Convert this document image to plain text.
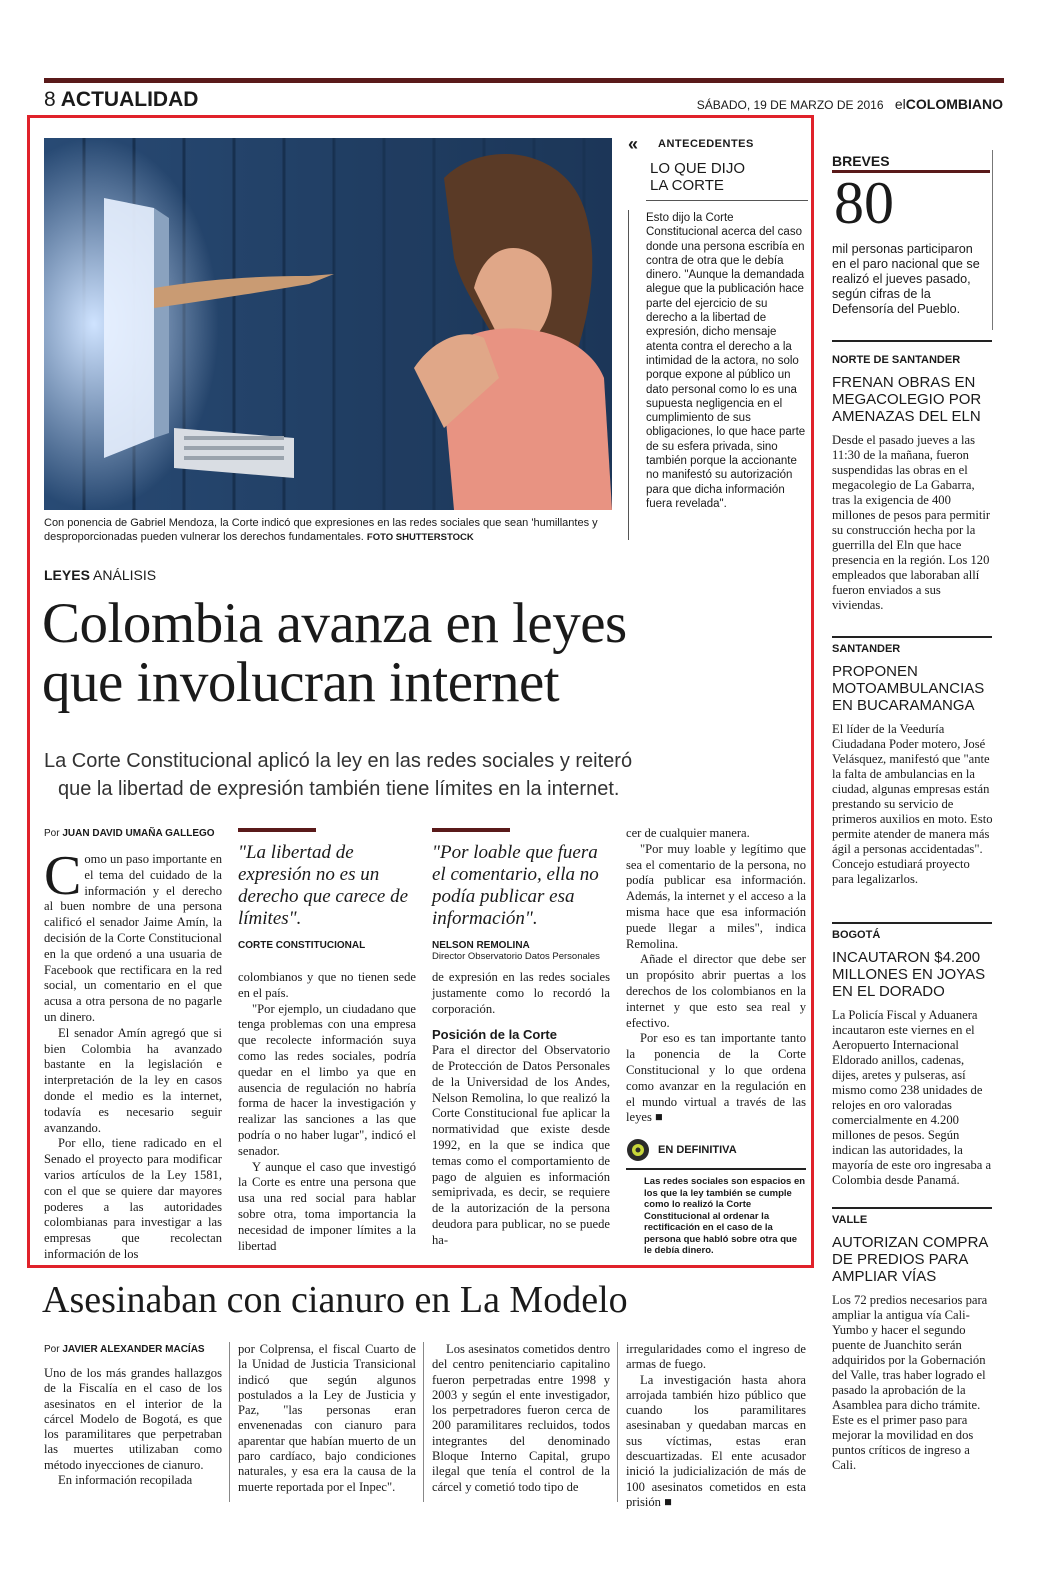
8 ACTUALIDAD	SÁBADO, 19 DE MARZO DE 2016 elCOLOMBIANO
Con ponencia de Gabriel Mendoza, la Corte indicó que expresiones en las redes sociales que sean 'humillantes y desproporcionadas pueden vulnerar los derechos fundamentales. FOTO SHUTTERSTOCK
« ANTECEDENTES
LO QUE DIJO
LA CORTE
Esto dijo la Corte Constitucional acerca del caso donde una persona escribía en contra de otra que le debía dinero. "Aunque la demandada alegue que la publicación hace parte del ejercicio de su derecho a la libertad de expresión, dicho mensaje atenta contra el derecho a la intimidad de la actora, no solo porque expone al público un dato personal como lo es una supuesta negligencia en el cumplimiento de sus obligaciones, lo que hace parte de su esfera privada, sino también porque la accionante no manifestó su autorización para que dicha información fuera revelada".
LEYES ANÁLISIS
Colombia avanza en leyes
que involucran internet
La Corte Constitucional aplicó la ley en las redes sociales y reiteró
que la libertad de expresión también tiene límites en la internet.
Por JUAN DAVID UMAÑA GALLEGO

Como un paso importante en el tema del cuidado de la información y el derecho al buen nombre de una persona calificó el senador Jaime Amín, la decisión de la Corte Constitucional en la que ordenó a una usuaria de Facebook que rectificara en la red social, un comentario en el que acusa a otra persona de no pagarle un dinero.

El senador Amín agregó que si bien Colombia ha avanzado bastante en la legislación e interpretación de la ley en casos donde el medio es la internet, todavía es necesario seguir avanzando.

Por ello, tiene radicado en el Senado el proyecto para modificar varios artículos de la Ley 1581, con el que se quiere dar mayores poderes a las autoridades colombianas para investigar a las empresas que recolectan información de los

"La libertad de expresión no es un derecho que carece de límites".
CORTE CONSTITUCIONAL

colombianos y que no tienen sede en el país.

"Por ejemplo, un ciudadano que tenga problemas con una empresa que recolecte información suya como las redes sociales, podría quedar en el limbo ya que en ausencia de regulación no habría forma de hacer la investigación y realizar las sanciones a las que podría o no haber lugar", indicó el senador.

Y aunque el caso que investigó la Corte es entre una persona que usa una red social para hablar sobre otra, toma importancia la necesidad de imponer límites a la libertad

"Por loable que fuera el comentario, ella no podía publicar esa información".
NELSON REMOLINA
Director Observatorio Datos Personales

de expresión en las redes sociales justamente como lo recordó la corporación.

Posición de la Corte

Para el director del Observatorio de Protección de Datos Personales de la Universidad de los Andes, Nelson Remolina, lo que realizó la Corte Constitucional fue aplicar la normatividad que existe desde 1992, en la que se indica que temas como el comportamiento de pago de alguien es información semiprivada, es decir, se requiere de la autorización de la persona deudora para publicar, no se puede ha-

cer de cualquier manera.

"Por muy loable y legítimo que sea el comentario de la persona, no podía publicar esa información. Además, la internet y el acceso a la misma hace que esa información puede llegar a miles", indica Remolina.

Añade el director que debe ser un propósito abrir puertas a los derechos de los colombianos en la internet y que esto sea real y efectivo.

Por eso es tan importante tanto la ponencia de la Corte Constitucional y lo que ordena como avanzar en la regulación en el mundo virtual a través de las leyes ■

EN DEFINITIVA
Las redes sociales son espacios en los que la ley también se cumple como lo realizó la Corte Constitucional al ordenar la rectificación en el caso de la persona que habló sobre otra que le debía dinero.
BREVES
80
mil personas participaron en el paro nacional que se realizó el jueves pasado, según cifras de la Defensoría del Pueblo.
NORTE DE SANTANDER
FRENAN OBRAS EN MEGACOLEGIO POR AMENAZAS DEL ELN
Desde el pasado jueves a las 11:30 de la mañana, fueron suspendidas las obras en el megacolegio de La Gabarra, tras la exigencia de 400 millones de pesos para permitir su construcción hecha por la guerrilla del Eln que hace presencia en la región. Los 120 empleados que laboraban allí fueron enviados a sus viviendas.
SANTANDER
PROPONEN MOTOAMBULANCIAS EN BUCARAMANGA
El líder de la Veeduría Ciudadana Poder motero, José Velásquez, manifestó que "ante la falta de ambulancias en la ciudad, algunas empresas están prestando su servicio de primeros auxilios en moto. Esto permite atender de manera más ágil a personas accidentadas". Concejo estudiará proyecto para legalizarlos.
BOGOTÁ
INCAUTARON $4.200 MILLONES EN JOYAS EN EL DORADO
La Policía Fiscal y Aduanera incautaron este viernes en el Aeropuerto Internacional Eldorado anillos, cadenas, dijes, aretes y pulseras, así mismo como 238 unidades de relojes en oro valoradas comercialmente en 4.200 millones de pesos. Según indican las autoridades, la mayoría de este oro ingresaba a Colombia desde Panamá.
VALLE
AUTORIZAN COMPRA DE PREDIOS PARA AMPLIAR VÍAS
Los 72 predios necesarios para ampliar la antigua vía Cali-Yumbo y hacer el segundo puente de Juanchito serán adquiridos por la Gobernación del Valle, tras haber logrado el pasado la aprobación de la Asamblea para dicho trámite. Este es el primer paso para mejorar la movilidad en dos puntos críticos de ingreso a Cali.
Asesinaban con cianuro en La Modelo
Por JAVIER ALEXANDER MACÍAS

Uno de los más grandes hallazgos de la Fiscalía en el caso de los asesinatos en el interior de la cárcel Modelo de Bogotá, es que los paramilitares que perpetraban las muertes utilizaban como método inyecciones de cianuro.

En información recopilada

por Colprensa, el fiscal Cuarto de la Unidad de Justicia Transicional indicó que según algunos postulados a la Ley de Justicia y Paz, "las personas eran envenenadas con cianuro para aparentar que habían muerto de un paro cardíaco, bajo condiciones naturales, y esa era la causa de la muerte reportada por el Inpec".

Los asesinatos cometidos dentro del centro penitenciario capitalino fueron perpetradas entre 1998 y 2003 y según el ente investigador, los perpetradores fueron cerca de 200 paramilitares recluidos, todos integrantes del denominado Bloque Interno Capital, grupo ilegal que tenía el control de la cárcel y cometió todo tipo de

irregularidades como el ingreso de armas de fuego.

La investigación hasta ahora arrojada también hizo público que cuando los paramilitares asesinaban y quedaban marcas en sus víctimas, estas eran descuartizadas. El ente acusador inició la judicialización de más de 100 asesinatos cometidos en esta prisión ■
